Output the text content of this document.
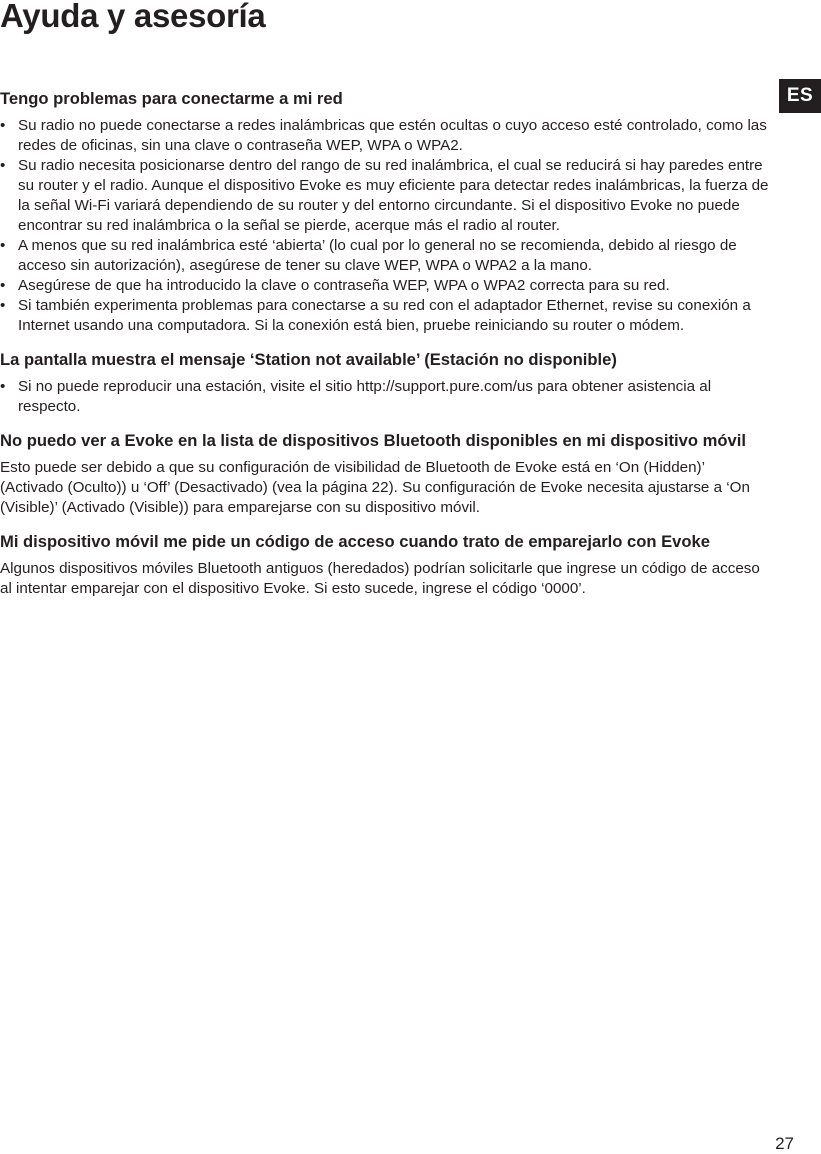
Ayuda y asesoría
ES
Tengo problemas para conectarme a mi red
• Su radio no puede conectarse a redes inalámbricas que estén ocultas o cuyo acceso esté controlado, como las redes de oficinas, sin una clave o contraseña WEP, WPA o WPA2.
• Su radio necesita posicionarse dentro del rango de su red inalámbrica, el cual se reducirá si hay paredes entre su router y el radio. Aunque el dispositivo Evoke es muy eficiente para detectar redes inalámbricas, la fuerza de la señal Wi-Fi variará dependiendo de su router y del entorno circundante. Si el dispositivo Evoke no puede encontrar su red inalámbrica o la señal se pierde, acerque más el radio al router.
• A menos que su red inalámbrica esté ‘abierta’ (lo cual por lo general no se recomienda, debido al riesgo de acceso sin autorización), asegúrese de tener su clave WEP, WPA o WPA2 a la mano.
• Asegúrese de que ha introducido la clave o contraseña WEP, WPA o WPA2 correcta para su red.
• Si también experimenta problemas para conectarse a su red con el adaptador Ethernet, revise su conexión a Internet usando una computadora. Si la conexión está bien, pruebe reiniciando su router o módem.
La pantalla muestra el mensaje ‘Station not available’ (Estación no disponible)
• Si no puede reproducir una estación, visite el sitio http://support.pure.com/us para obtener asistencia al respecto.
No puedo ver a Evoke en la lista de dispositivos Bluetooth disponibles en mi dispositivo móvil

Esto puede ser debido a que su configuración de visibilidad de Bluetooth de Evoke está en ‘On (Hidden)’ (Activado (Oculto)) u ‘Off’ (Desactivado) (vea la página 22). Su configuración de Evoke necesita ajustarse a ‘On (Visible)’ (Activado (Visible)) para emparejarse con su dispositivo móvil.

Mi dispositivo móvil me pide un código de acceso cuando trato de emparejarlo con Evoke

Algunos dispositivos móviles Bluetooth antiguos (heredados) podrían solicitarle que ingrese un código de acceso al intentar emparejar con el dispositivo Evoke. Si esto sucede, ingrese el código ‘0000’.

27
